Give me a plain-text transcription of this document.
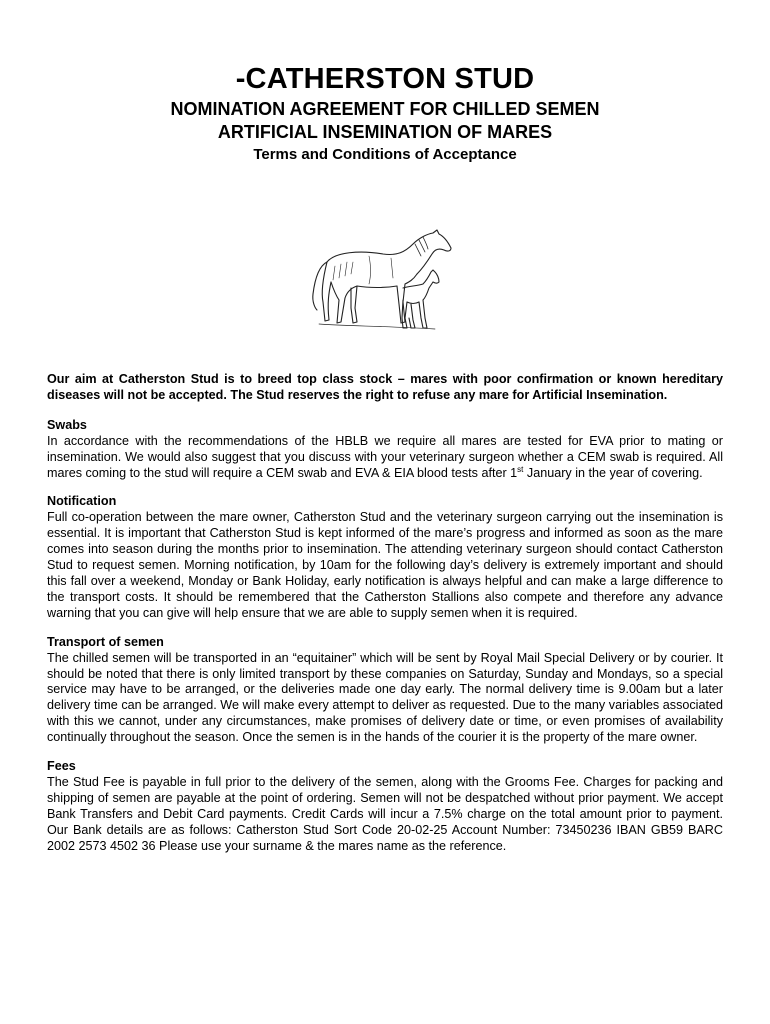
-CATHERSTON STUD
NOMINATION AGREEMENT FOR CHILLED SEMEN
ARTIFICIAL INSEMINATION OF MARES
Terms and Conditions of Acceptance

Our aim at Catherston Stud is to breed top class stock – mares with poor confirmation or known hereditary diseases will not be accepted. The Stud reserves the right to refuse any mare for Artificial Insemination.

Swabs

In accordance with the recommendations of the HBLB we require all mares are tested for EVA prior to mating or insemination. We would also suggest that you discuss with your veterinary surgeon whether a CEM swab is required. All mares coming to the stud will require a CEM swab and EVA & EIA blood tests after 1st January in the year of covering.

Notification

Full co-operation between the mare owner, Catherston Stud and the veterinary surgeon carrying out the insemination is essential. It is important that Catherston Stud is kept informed of the mare’s progress and informed as soon as the mare comes into season during the months prior to insemination. The attending veterinary surgeon should contact Catherston Stud to request semen. Morning notification, by 10am for the following day’s delivery is extremely important and should this fall over a weekend, Monday or Bank Holiday, early notification is always helpful and can make a large difference to the transport costs. It should be remembered that the Catherston Stallions also compete and therefore any advance warning that you can give will help ensure that we are able to supply semen when it is required.

Transport of semen

The chilled semen will be transported in an “equitainer” which will be sent by Royal Mail Special Delivery or by courier. It should be noted that there is only limited transport by these companies on Saturday, Sunday and Mondays, so a special service may have to be arranged, or the deliveries made one day early. The normal delivery time is 9.00am but a later delivery time can be arranged. We will make every attempt to deliver as requested. Due to the many variables associated with this we cannot, under any circumstances, make promises of delivery date or time, or even promises of availability continually throughout the season. Once the semen is in the hands of the courier it is the property of the mare owner.

Fees

The Stud Fee is payable in full prior to the delivery of the semen, along with the Grooms Fee. Charges for packing and shipping of semen are payable at the point of ordering. Semen will not be despatched without prior payment. We accept Bank Transfers and Debit Card payments. Credit Cards will incur a 7.5% charge on the total amount prior to payment. Our Bank details are as follows: Catherston Stud Sort Code 20-02-25 Account Number: 73450236 IBAN GB59 BARC 2002 2573 4502 36 Please use your surname & the mares name as the reference.
